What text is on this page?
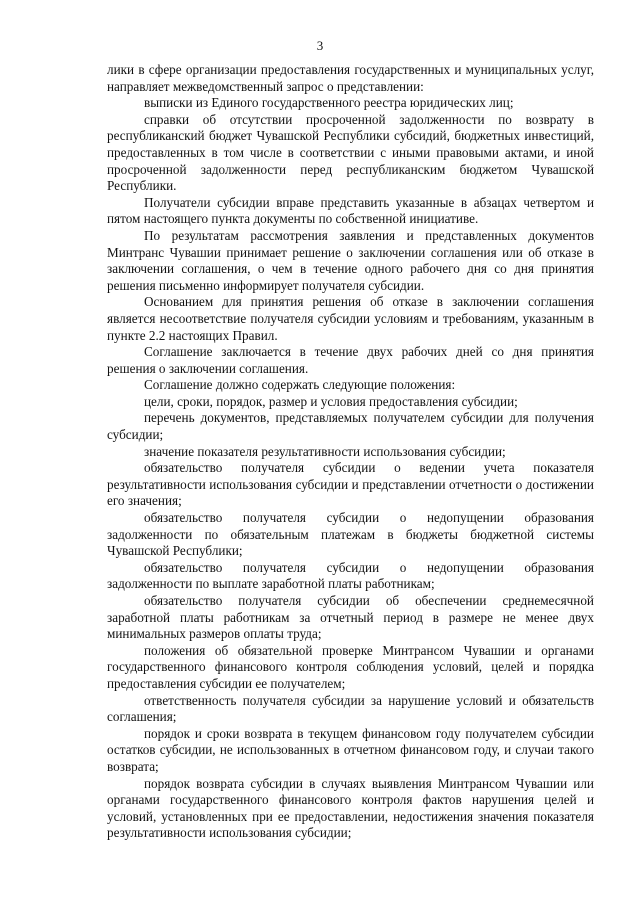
3

лики в сфере организации предоставления государственных и муниципальных услуг, направляет межведомственный запрос о представлении:

выписки из Единого государственного реестра юридических лиц;

справки об отсутствии просроченной задолженности по возврату в республиканский бюджет Чувашской Республики субсидий, бюджетных инвестиций, предоставленных в том числе в соответствии с иными правовыми актами, и иной просроченной задолженности перед республиканским бюджетом Чувашской Республики.

Получатели субсидии вправе представить указанные в абзацах четвертом и пятом настоящего пункта документы по собственной инициативе.

По результатам рассмотрения заявления и представленных документов Минтранс Чувашии принимает решение о заключении соглашения или об отказе в заключении соглашения, о чем в течение одного рабочего дня со дня принятия решения письменно информирует получателя субсидии.

Основанием для принятия решения об отказе в заключении соглашения является несоответствие получателя субсидии условиям и требованиям, указанным в пункте 2.2 настоящих Правил.

Соглашение заключается в течение двух рабочих дней со дня принятия решения о заключении соглашения.

Соглашение должно содержать следующие положения:

цели, сроки, порядок, размер и условия предоставления субсидии;

перечень документов, представляемых получателем субсидии для получения субсидии;

значение показателя результативности использования субсидии;

обязательство получателя субсидии о ведении учета показателя результативности использования субсидии и представлении отчетности о достижении его значения;

обязательство получателя субсидии о недопущении образования задолженности по обязательным платежам в бюджеты бюджетной системы Чувашской Республики;

обязательство получателя субсидии о недопущении образования задолженности по выплате заработной платы работникам;

обязательство получателя субсидии об обеспечении среднемесячной заработной платы работникам за отчетный период в размере не менее двух минимальных размеров оплаты труда;

положения об обязательной проверке Минтрансом Чувашии и органами государственного финансового контроля соблюдения условий, целей и порядка предоставления субсидии ее получателем;

ответственность получателя субсидии за нарушение условий и обязательств соглашения;

порядок и сроки возврата в текущем финансовом году получателем субсидии остатков субсидии, не использованных в отчетном финансовом году, и случаи такого возврата;

порядок возврата субсидии в случаях выявления Минтрансом Чувашии или органами государственного финансового контроля фактов нарушения целей и условий, установленных при ее предоставлении, недостижения значения показателя результативности использования субсидии;
